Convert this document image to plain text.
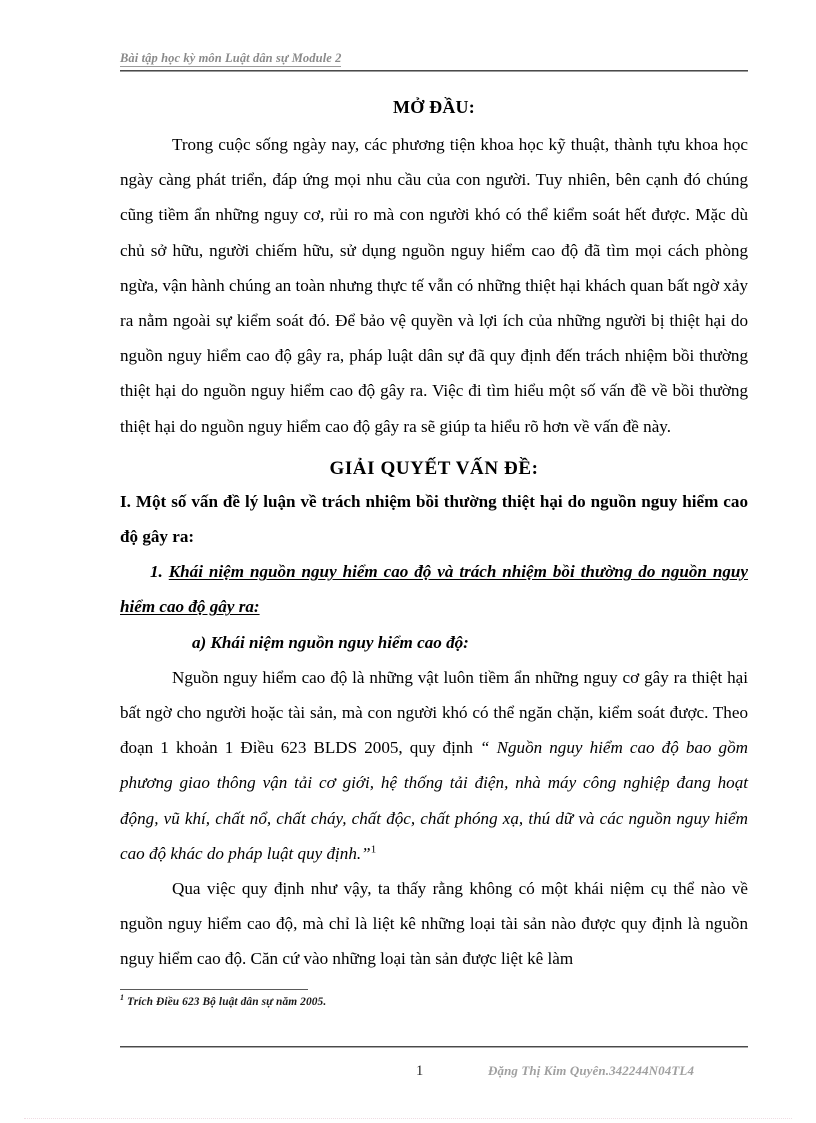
Bài tập học kỳ môn Luật dân sự Module 2
MỞ ĐẦU:

Trong cuộc sống ngày nay, các phương tiện khoa học kỹ thuật, thành tựu khoa học ngày càng phát triển, đáp ứng mọi nhu cầu của con người. Tuy nhiên, bên cạnh đó chúng cũng tiềm ẩn những nguy cơ, rủi ro mà con người khó có thể kiểm soát hết được. Mặc dù chủ sở hữu, người chiếm hữu, sử dụng nguồn nguy hiểm cao độ đã tìm mọi cách phòng ngừa, vận hành chúng an toàn nhưng thực tế vẫn có những thiệt hại khách quan bất ngờ xảy ra nằm ngoài sự kiểm soát đó. Để bảo vệ quyền và lợi ích của những người bị thiệt hại do nguồn nguy hiểm cao độ gây ra, pháp luật dân sự đã quy định đến trách nhiệm bồi thường thiệt hại do nguồn nguy hiểm cao độ gây ra. Việc đi tìm hiểu một số vấn đề về bồi thường thiệt hại do nguồn nguy hiểm cao độ gây ra sẽ giúp ta hiểu rõ hơn về vấn đề này.

GIẢI QUYẾT VẤN ĐỀ:

I. Một số vấn đề lý luận về trách nhiệm bồi thường thiệt hại do nguồn nguy hiểm cao độ gây ra:

1. Khái niệm nguồn nguy hiểm cao độ và trách nhiệm bồi thường do nguồn nguy hiểm cao độ gây ra:

a) Khái niệm nguồn nguy hiểm cao độ:

Nguồn nguy hiểm cao độ là những vật luôn tiềm ẩn những nguy cơ gây ra thiệt hại bất ngờ cho người hoặc tài sản, mà con người khó có thể ngăn chặn, kiểm soát được. Theo đoạn 1 khoản 1 Điều 623 BLDS 2005, quy định “ Nguồn nguy hiểm cao độ bao gồm phương giao thông vận tải cơ giới, hệ thống tải điện, nhà máy công nghiệp đang hoạt động, vũ khí, chất nổ, chất cháy, chất độc, chất phóng xạ, thú dữ và các nguồn nguy hiểm cao độ khác do pháp luật quy định.”$^1$

Qua việc quy định như vậy, ta thấy rằng không có một khái niệm cụ thể nào về nguồn nguy hiểm cao độ, mà chỉ là liệt kê những loại tài sản nào được quy định là nguồn nguy hiểm cao độ. Căn cứ vào những loại tàn sản được liệt kê làm

$^1$ Trích Điều 623 Bộ luật dân sự năm 2005.

1	Đặng Thị Kim Quyên.342244N04TL4
